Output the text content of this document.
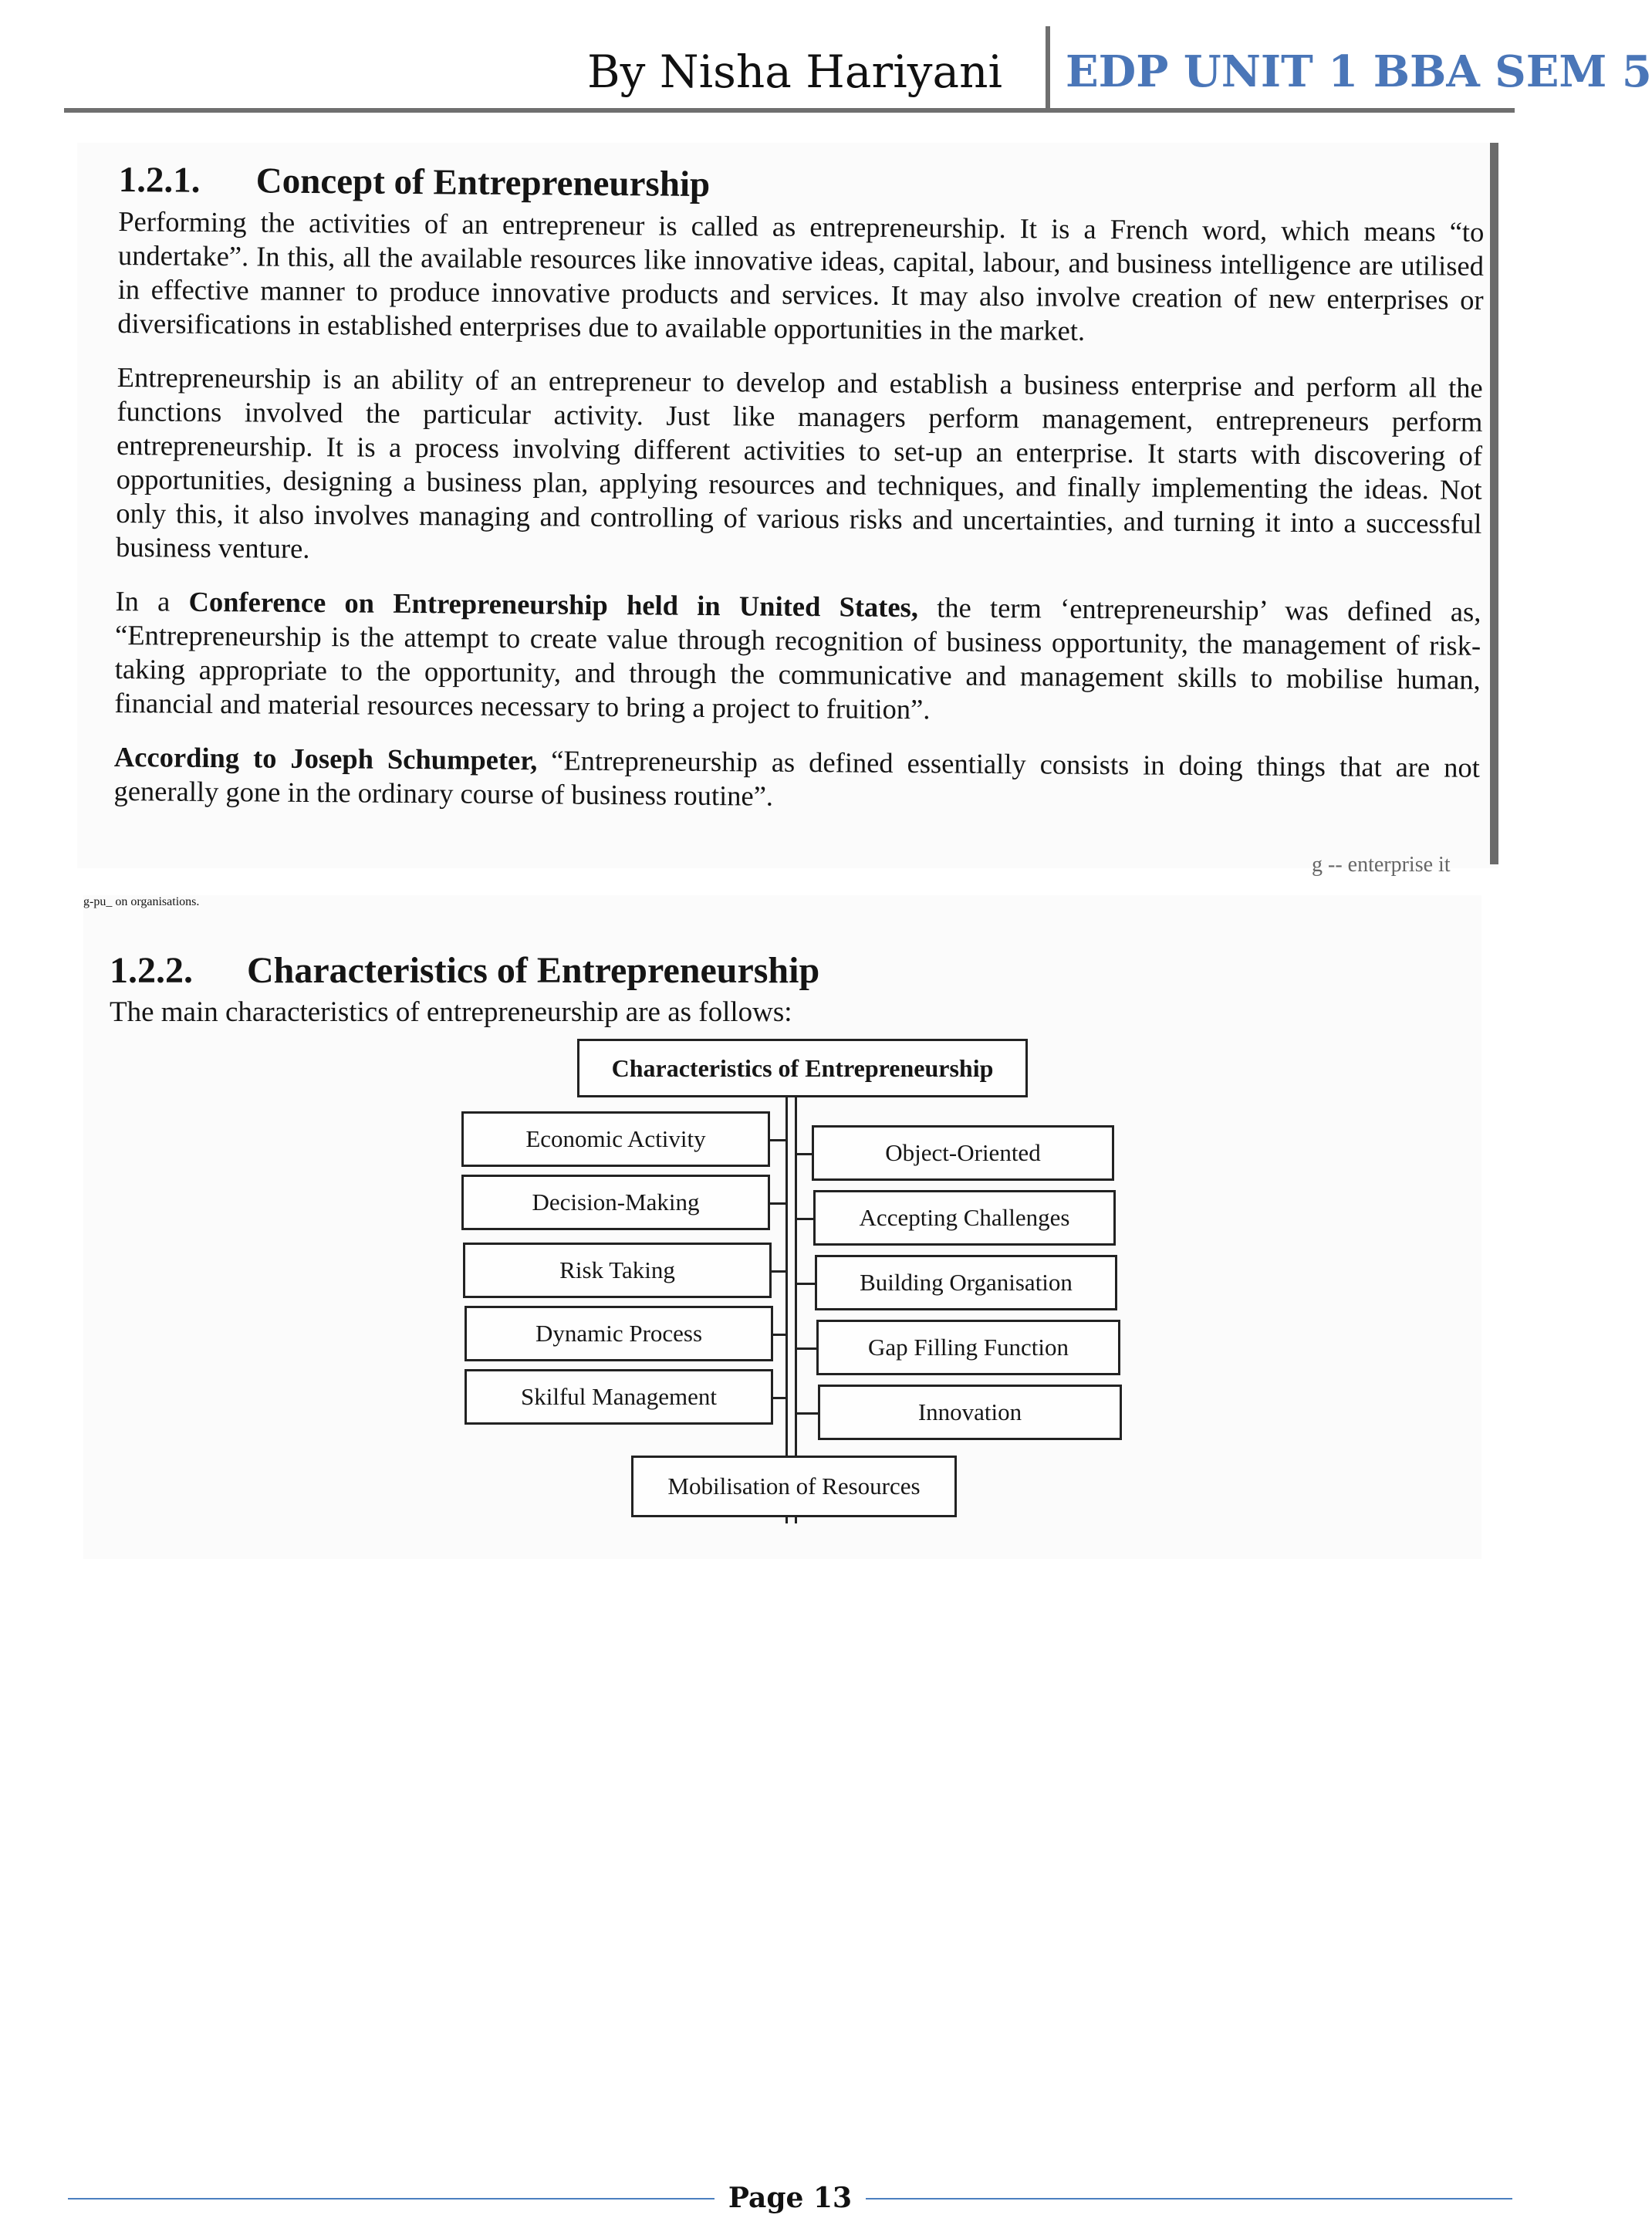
By Nisha Hariyani EDP UNIT 1 BBA SEM 5
1.2.1. Concept of Entrepreneurship

Performing the activities of an entrepreneur is called as entrepreneurship. It is a French word, which means “to undertake”. In this, all the available resources like innovative ideas, capital, labour, and business intelligence are utilised in effective manner to produce innovative products and services. It may also involve creation of new enterprises or diversifications in established enterprises due to available opportunities in the market.

Entrepreneurship is an ability of an entrepreneur to develop and establish a business enterprise and perform all the functions involved the particular activity. Just like managers perform management, entrepreneurs perform entrepreneurship. It is a process involving different activities to set-up an enterprise. It starts with discovering of opportunities, designing a business plan, applying resources and techniques, and finally implementing the ideas. Not only this, it also involves managing and controlling of various risks and uncertainties, and turning it into a successful business venture.

In a Conference on Entrepreneurship held in United States, the term ‘entrepreneurship’ was defined as, “Entrepreneurship is the attempt to create value through recognition of business opportunity, the management of risk-taking appropriate to the opportunity, and through the communicative and management skills to mobilise human, financial and material resources necessary to bring a project to fruition”.

According to Joseph Schumpeter, “Entrepreneurship as defined essentially consists in doing things that are not generally gone in the ordinary course of business routine”.

g -- enterprise it
g-pu_ on organisations.
1.2.2. Characteristics of Entrepreneurship

The main characteristics of entrepreneurship are as follows:

Characteristics of Entrepreneurship
Economic Activity
Decision-Making
Risk Taking
Dynamic Process
Skilful Management
Object-Oriented
Accepting Challenges
Building Organisation
Gap Filling Function
Innovation
Mobilisation of Resources
Page 13
